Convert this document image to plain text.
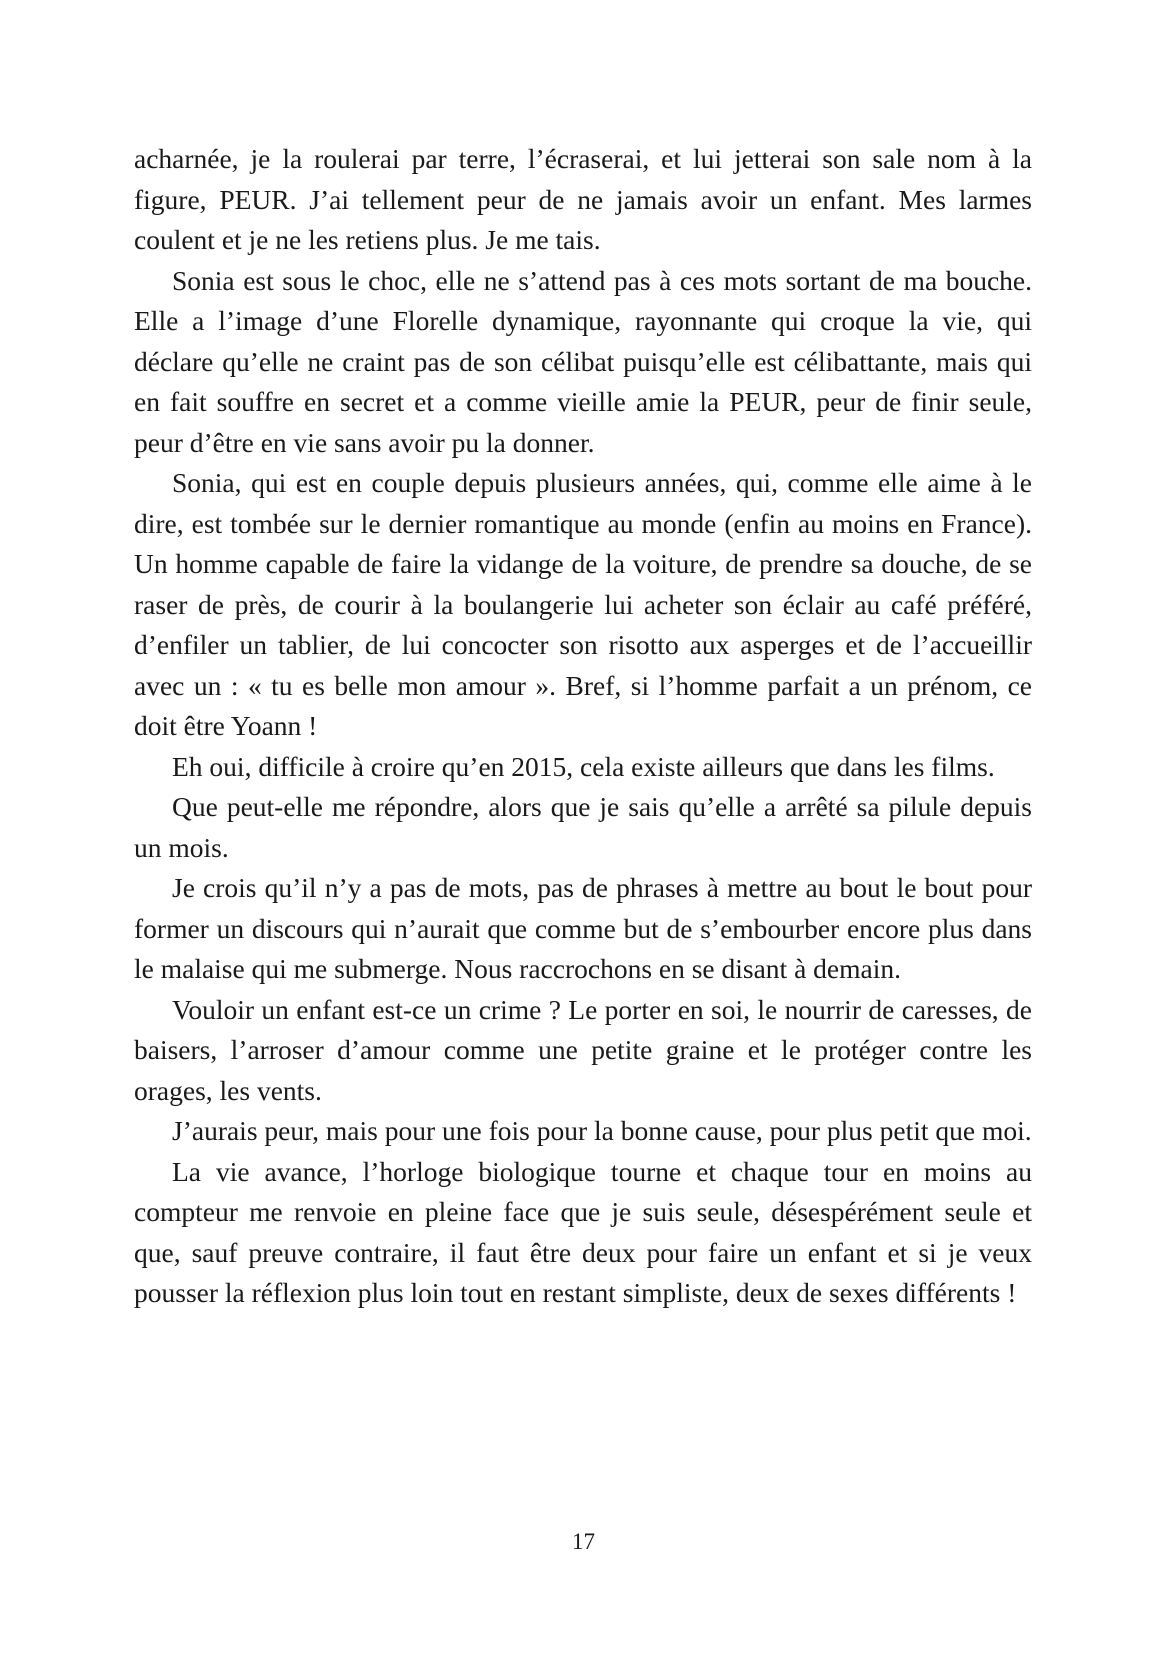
acharnée, je la roulerai par terre, l’écraserai, et lui jetterai son sale nom à la figure, PEUR. J’ai tellement peur de ne jamais avoir un enfant. Mes larmes coulent et je ne les retiens plus. Je me tais.

Sonia est sous le choc, elle ne s’attend pas à ces mots sortant de ma bouche. Elle a l’image d’une Florelle dynamique, rayonnante qui croque la vie, qui déclare qu’elle ne craint pas de son célibat puisqu’elle est célibattante, mais qui en fait souffre en secret et a comme vieille amie la PEUR, peur de finir seule, peur d’être en vie sans avoir pu la donner.

Sonia, qui est en couple depuis plusieurs années, qui, comme elle aime à le dire, est tombée sur le dernier romantique au monde (enfin au moins en France). Un homme capable de faire la vidange de la voiture, de prendre sa douche, de se raser de près, de courir à la boulangerie lui acheter son éclair au café préféré, d’enfiler un tablier, de lui concocter son risotto aux asperges et de l’accueillir avec un : « tu es belle mon amour ». Bref, si l’homme parfait a un prénom, ce doit être Yoann !

Eh oui, difficile à croire qu’en 2015, cela existe ailleurs que dans les films.

Que peut-elle me répondre, alors que je sais qu’elle a arrêté sa pilule depuis un mois.

Je crois qu’il n’y a pas de mots, pas de phrases à mettre au bout le bout pour former un discours qui n’aurait que comme but de s’embourber encore plus dans le malaise qui me submerge. Nous raccrochons en se disant à demain.

Vouloir un enfant est-ce un crime ? Le porter en soi, le nourrir de caresses, de baisers, l’arroser d’amour comme une petite graine et le protéger contre les orages, les vents.

J’aurais peur, mais pour une fois pour la bonne cause, pour plus petit que moi.

La vie avance, l’horloge biologique tourne et chaque tour en moins au compteur me renvoie en pleine face que je suis seule, désespérément seule et que, sauf preuve contraire, il faut être deux pour faire un enfant et si je veux pousser la réflexion plus loin tout en restant simpliste, deux de sexes différents !

17
